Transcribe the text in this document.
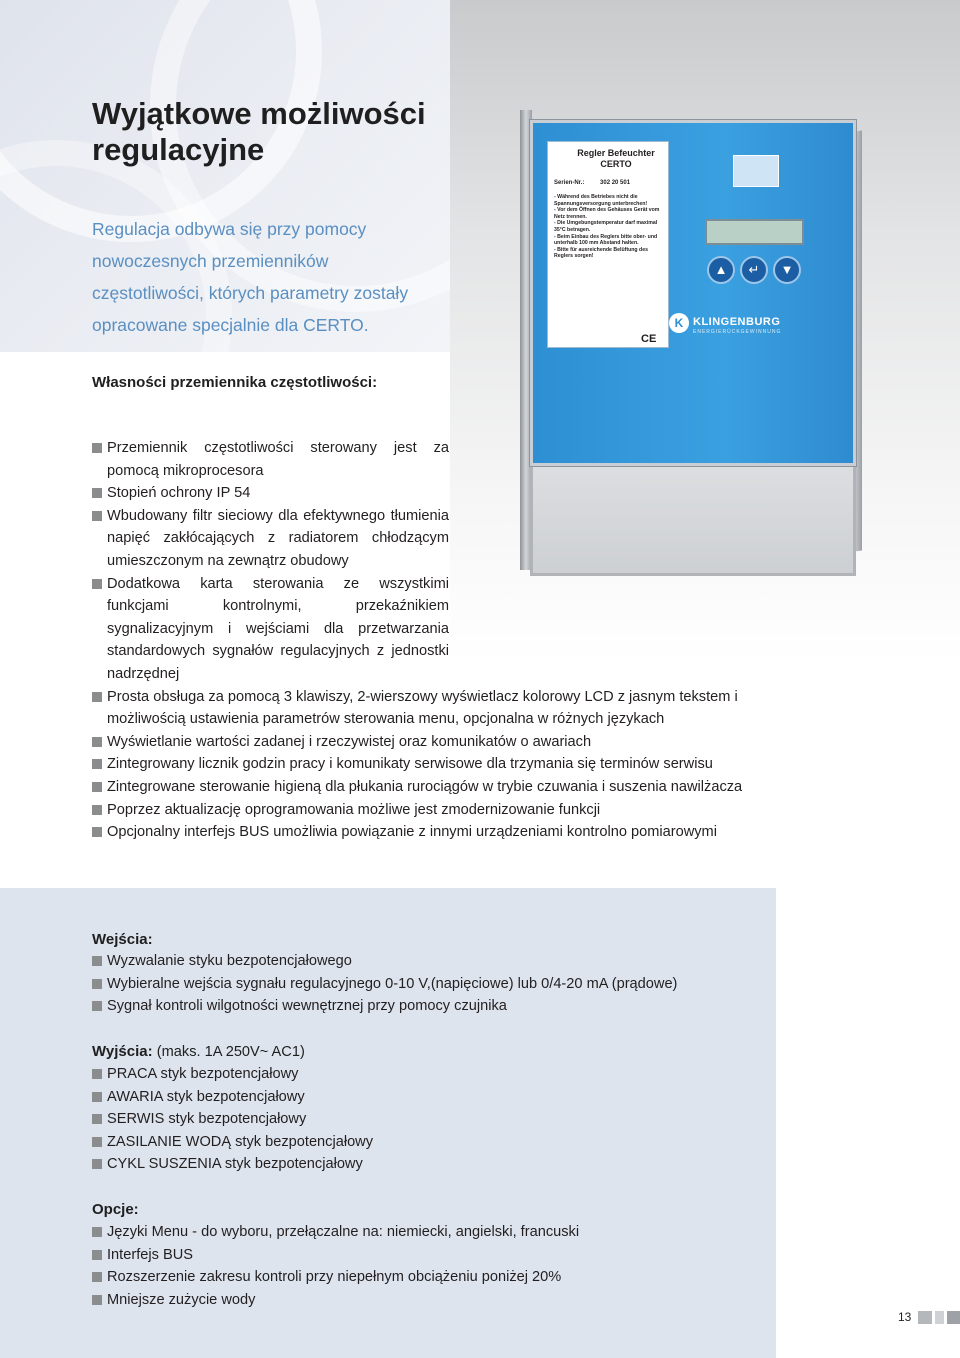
Regler Befeuchter CERTO
Serien-Nr.:	302 20 501
- Während des Betriebes nicht die Spannungsversorgung unterbrechen!
- Vor dem Öffnen des Gehäuses Gerät vom Netz trennen.
- Die Umgebungstemperatur darf maximal 35°C betragen.
- Beim Einbau des Reglers bitte ober- und unterhalb 100 mm Abstand halten.
- Bitte für ausreichende Belüftung des Reglers sorgen!
▲	↵	▼
CE
K KLINGENBURG
ENERGIERÜCKGEWINNUNG
Wyjątkowe możliwości regulacyjne

Regulacja odbywa się przy pomocy nowoczesnych przemienników częstotliwości, których parametry zostały opracowane specjalnie dla CERTO.

Własności przemiennika częstotliwości:
Przemiennik częstotliwości sterowany jest za pomocą mikroprocesora
Stopień ochrony IP 54
Wbudowany filtr sieciowy dla efektywnego tłumienia napięć zakłócających z radiatorem chłodzącym umieszczonym na zewnątrz obudowy
Dodatkowa karta sterowania ze wszystkimi funkcjami kontrolnymi, przekaźnikiem sygnalizacyjnym i wejściami dla przetwarzania standardowych sygnałów regulacyjnych z jednostki nadrzędnej
Prosta obsługa za pomocą 3 klawiszy, 2-wierszowy wyświetlacz kolorowy LCD z jasnym tekstem i możliwością ustawienia parametrów sterowania menu, opcjonalna w różnych językach
Wyświetlanie wartości zadanej i rzeczywistej oraz komunikatów o awariach
Zintegrowany licznik godzin pracy i komunikaty serwisowe dla trzymania się terminów serwisu
Zintegrowane sterowanie higieną dla płukania rurociągów w trybie czuwania i suszenia nawilżacza
Poprzez aktualizację oprogramowania możliwe jest zmodernizowanie funkcji
Opcjonalny interfejs BUS umożliwia powiązanie z innymi urządzeniami kontrolno pomiarowymi
Wejścia:
Wyzwalanie styku bezpotencjałowego
Wybieralne wejścia sygnału regulacyjnego 0-10 V,(napięciowe) lub 0/4-20 mA (prądowe)
Sygnał kontroli wilgotności wewnętrznej przy pomocy czujnika
Wyjścia: (maks. 1A 250V~ AC1)
PRACA styk bezpotencjałowy
AWARIA styk bezpotencjałowy
SERWIS styk bezpotencjałowy
ZASILANIE WODĄ styk bezpotencjałowy
CYKL SUSZENIA styk bezpotencjałowy
Opcje:
Języki Menu - do wyboru, przełączalne na: niemiecki, angielski, francuski
Interfejs BUS
Rozszerzenie zakresu kontroli przy niepełnym obciążeniu poniżej 20%
Mniejsze zużycie wody
13
